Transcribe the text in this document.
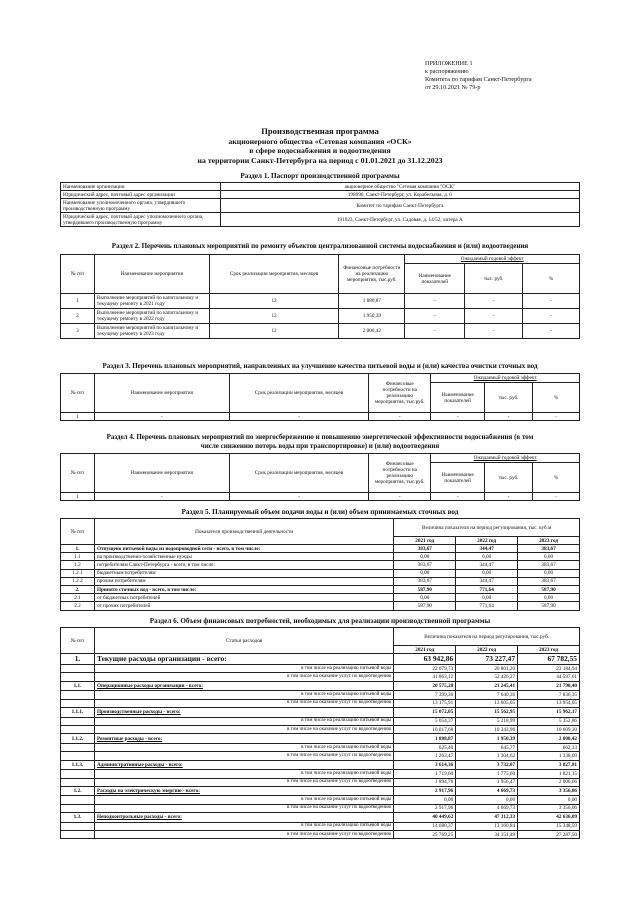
ПРИЛОЖЕНИЕ 1
к распоряжению
Комитета по тарифам Санкт-Петербурга
от 29.10.2021 № 79-р
Производственная программа
акционерного общества «Сетевая компания «ОСК»
в сфере водоснабжения и водоотведения
на территории Санкт-Петербурга на период с 01.01.2021 до 31.12.2023
Раздел 1. Паспорт производственной программы
Наименование организации	акционерное общество "Сетевая компания "ОСК"
Юридический адрес, почтовый адрес организации	198096, Санкт-Петербург, ул. Корабельная, д. 6
Наименование уполномоченного органа, утвердившего производственную программу	Комитет по тарифам Санкт-Петербурга
Юридический адрес, почтовый адрес уполномоченного органа, утвердившего производственную программу	191023, Санкт-Петербург, ул. Садовая, д. 14/52, литера А
Раздел 2. Перечень плановых мероприятий по ремонту объектов централизованной системы водоснабжения и (или) водоотведения
№ п/п	Наименование мероприятия	Срок реализации мероприятия, месяцев	Финансовые потребности на реализацию мероприятия, тыс.руб.	Ожидаемый годовой эффект		
				Наименование показателей	тыс. руб.	%
1	Выполнение мероприятий по капитальному и текущему ремонту в 2021 году	12	1 880,87	-	-	-
2	Выполнение мероприятий по капитальному и текущему ремонту в 2022 году	12	1 950,39	-	-	-
3	Выполнение мероприятий по капитальному и текущему ремонту в 2023 году	12	2 000,42	-	-	-
Раздел 3. Перечень плановых мероприятий, направленных на улучшение качества питьевой воды и (или) качества очистки сточных вод
№ п/п	Наименование мероприятия	Срок реализации мероприятия, месяцев	Финансовые потребности на реализацию мероприятия, тыс.руб.	Ожидаемый годовой эффект		
				Наименование показателей	тыс. руб.	%
1	-	-	-	-	-	-
Раздел 4. Перечень плановых мероприятий по энергосбережению и повышению энергетической эффективности водоснабжения (в том
числе снижению потерь воды при транспортировке) и (или) водоотведения
№ п/п	Наименование мероприятия	Срок реализации мероприятия, месяцев	Финансовые потребности на реализацию мероприятия, тыс.руб.	Ожидаемый годовой эффект		
				Наименование показателей	тыс. руб.	%
1	-	-	-	-	-	-
Раздел 5. Планируемый объем подачи воды и (или) объем принимаемых сточных вод
№ п/п	Показатели производственной деятельности	Величина показателя на период регулирования, тыс. куб.м		
		2021 год	2022 год	2023 год
1.	Отпущено питьевой воды из водопроводной сети - всего, в том числе:	383,67	344,47	383,67
1.1	на производственно-хозяйственные нужды	0,00	0,00	0,00
1.2	потребителям Санкт-Петербурга - всего, в том числе:	383,67	344,47	383,67
1.2.1	бюджетным потребителям	0,00	0,00	0,00
1.2.2	прочим потребителям	383,67	344,47	383,67
2.	Принято сточных вод - всего, в том числе:	587,90	771,64	587,90
2.1	от бюджетных потребителей	0,00	0,00	0,00
2.2	от прочих потребителей	587,90	771,64	587,90
Раздел 6. Объем финансовых потребностей, необходимых для реализации производственной программы
№ п/п	Статьи расходов	Величина показателя на период регулирования, тыс.руб.		
		2021 год	2022 год	2023 год
1.	Текущие расходы организации - всего:	63 942,86	73 227,47	67 782,55
	в том числе на реализацию питьевой воды	22 079,73	20 801,20	23 184,94
	в том числе на оказание услуг по водоотведению	41 863,12	52 426,27	44 597,61
1.1.	Операционные расходы организации - всего:	20 575,28	21 245,41	21 790,40
	в том числе на реализацию питьевой воды	7 399,36	7 640,36	7 836,35
	в том числе на оказание услуг по водоотведению	13 175,91	13 605,05	13 954,05
1.1.1.	Производственные расходы - всего:	15 072,05	15 562,95	15 962,17
	в том числе на реализацию питьевой воды	5 054,37	5 218,99	5 352,86
	в том числе на оказание услуг по водоотведению	10 017,68	10 343,96	10 609,30
1.1.2.	Ремонтные расходы - всего:	1 888,87	1 950,39	2 000,42
	в том числе на реализацию питьевой воды	625,40	645,77	662,33
	в том числе на оказание услуг по водоотведению	1 263,47	1 304,62	1 338,09
1.1.3.	Административные расходы - всего:	3 614,36	3 732,07	3 827,81
	в том числе на реализацию питьевой воды	1 719,60	1 775,60	1 821,15
	в том числе на оказание услуг по водоотведению	1 894,76	1 956,47	2 006,66
1.2.	Расходы на электрическую энергию - всего:	2 917,96	4 669,73	3 356,06
	в том числе на реализацию питьевой воды	0,00	0,00	0,00
	в том числе на оказание услуг по водоотведению	2 917,96	4 669,73	3 356,06
1.3.	Неподконтрольные расходы - всего:	40 449,62	47 312,33	42 636,09
	в том числе на реализацию питьевой воды	14 680,37	13 160,84	15 348,59
	в том числе на оказание услуг по водоотведению	25 769,25	34 151,49	27 287,50
